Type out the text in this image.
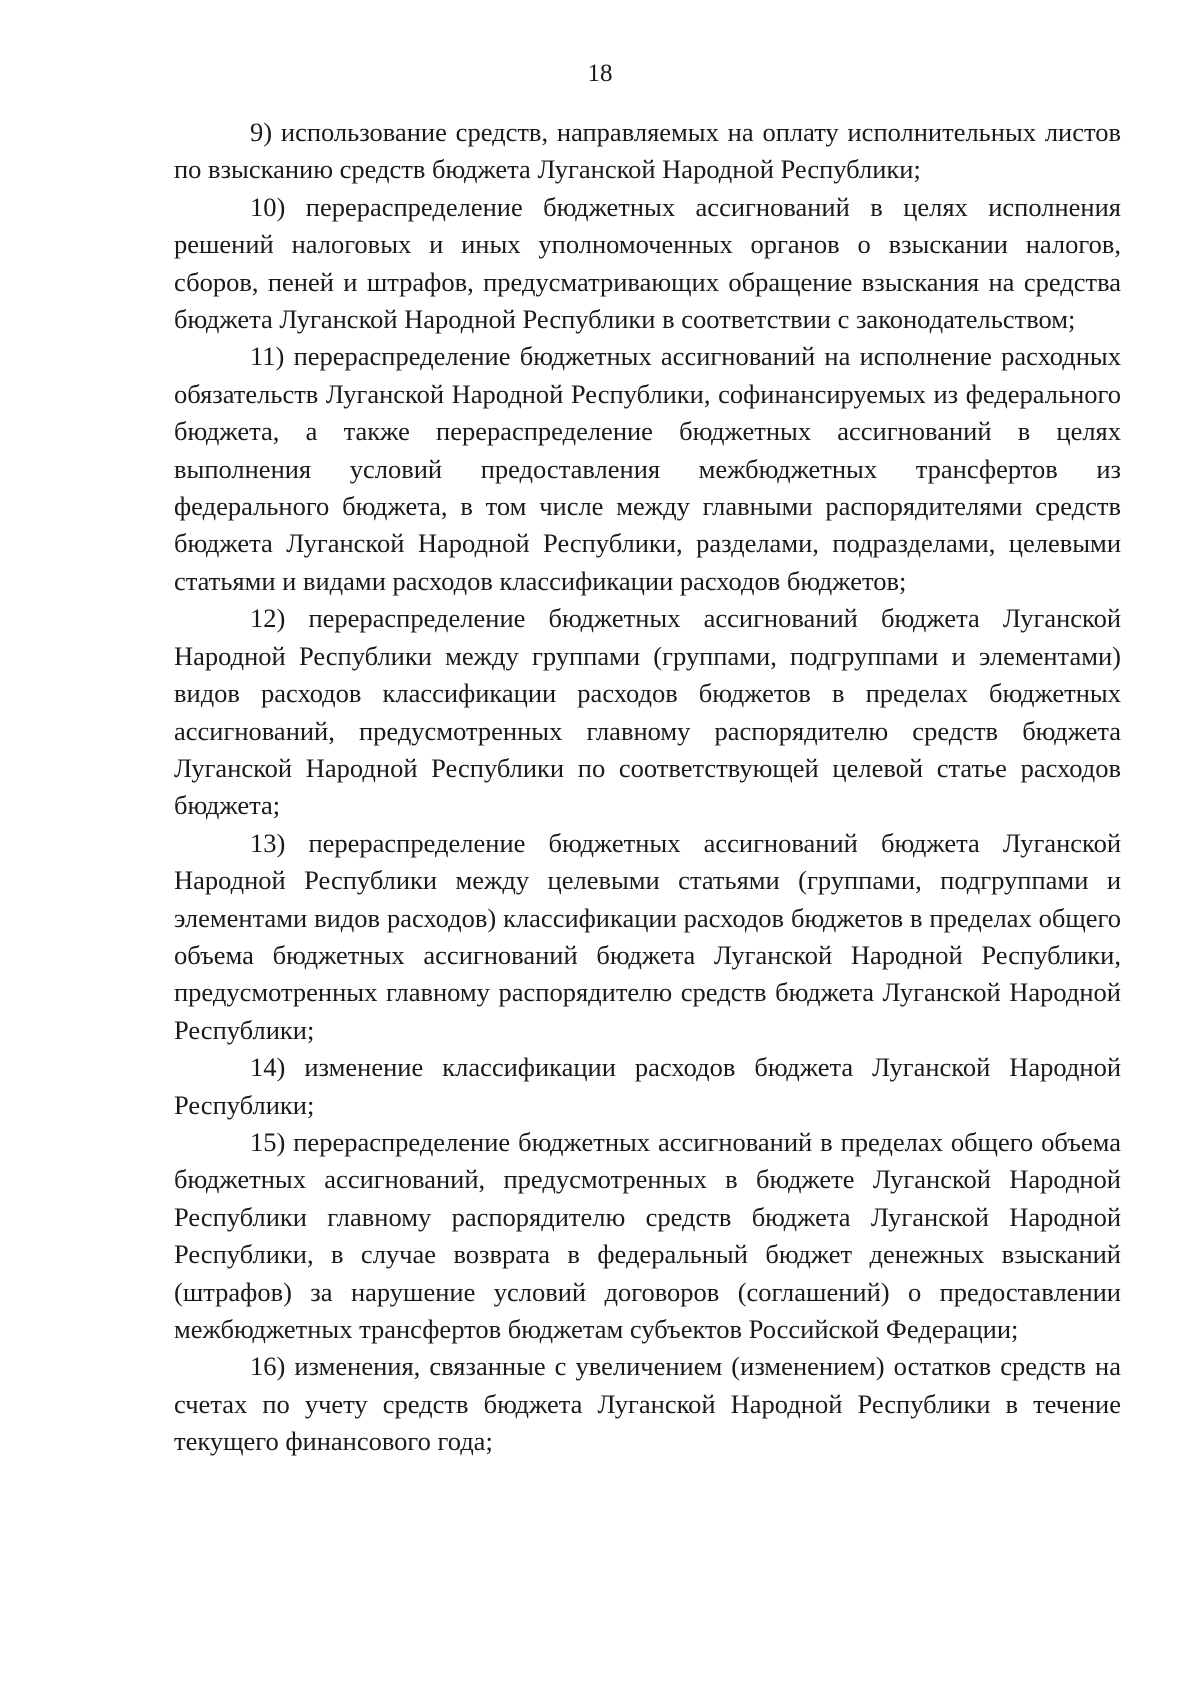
18

9) использование средств, направляемых на оплату исполнительных листов по взысканию средств бюджета Луганской Народной Республики;

10) перераспределение бюджетных ассигнований в целях исполнения решений налоговых и иных уполномоченных органов о взыскании налогов, сборов, пеней и штрафов, предусматривающих обращение взыскания на средства бюджета Луганской Народной Республики в соответствии с законодательством;

11) перераспределение бюджетных ассигнований на исполнение расходных обязательств Луганской Народной Республики, софинансируемых из федерального бюджета, а также перераспределение бюджетных ассигнований в целях выполнения условий предоставления межбюджетных трансфертов из федерального бюджета, в том числе между главными распорядителями средств бюджета Луганской Народной Республики, разделами, подразделами, целевыми статьями и видами расходов классификации расходов бюджетов;

12) перераспределение бюджетных ассигнований бюджета Луганской Народной Республики между группами (группами, подгруппами и элементами) видов расходов классификации расходов бюджетов в пределах бюджетных ассигнований, предусмотренных главному распорядителю средств бюджета Луганской Народной Республики по соответствующей целевой статье расходов бюджета;

13) перераспределение бюджетных ассигнований бюджета Луганской Народной Республики между целевыми статьями (группами, подгруппами и элементами видов расходов) классификации расходов бюджетов в пределах общего объема бюджетных ассигнований бюджета Луганской Народной Республики, предусмотренных главному распорядителю средств бюджета Луганской Народной Республики;

14) изменение классификации расходов бюджета Луганской Народной Республики;

15) перераспределение бюджетных ассигнований в пределах общего объема бюджетных ассигнований, предусмотренных в бюджете Луганской Народной Республики главному распорядителю средств бюджета Луганской Народной Республики, в случае возврата в федеральный бюджет денежных взысканий (штрафов) за нарушение условий договоров (соглашений) о предоставлении межбюджетных трансфертов бюджетам субъектов Российской Федерации;

16) изменения, связанные с увеличением (изменением) остатков средств на счетах по учету средств бюджета Луганской Народной Республики в течение текущего финансового года;
